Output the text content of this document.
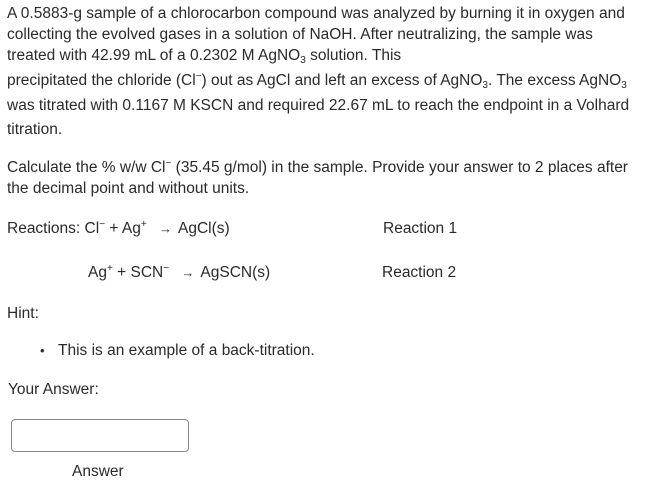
A 0.5883-g sample of a chlorocarbon compound was analyzed by burning it in oxygen and collecting the evolved gases in a solution of NaOH. After neutralizing, the sample was treated with 42.99 mL of a 0.2302 M AgNO$_3$ solution. This

precipitated the chloride (Cl−) out as AgCl and left an excess of AgNO$_3$. The excess AgNO$_3$ was titrated with 0.1167 M KSCN and required 22.67 mL to reach the endpoint in a Volhard titration.

Calculate the % w/w Cl− (35.45 g/mol) in the sample. Provide your answer to 2 places after the decimal point and without units.
Reactions: Cl− + Ag+ → AgCl(s)	Reaction 1
Ag+ + SCN− → AgSCN(s)	Reaction 2
Hint:
• This is an example of a back-titration.
Your Answer:
Answer
